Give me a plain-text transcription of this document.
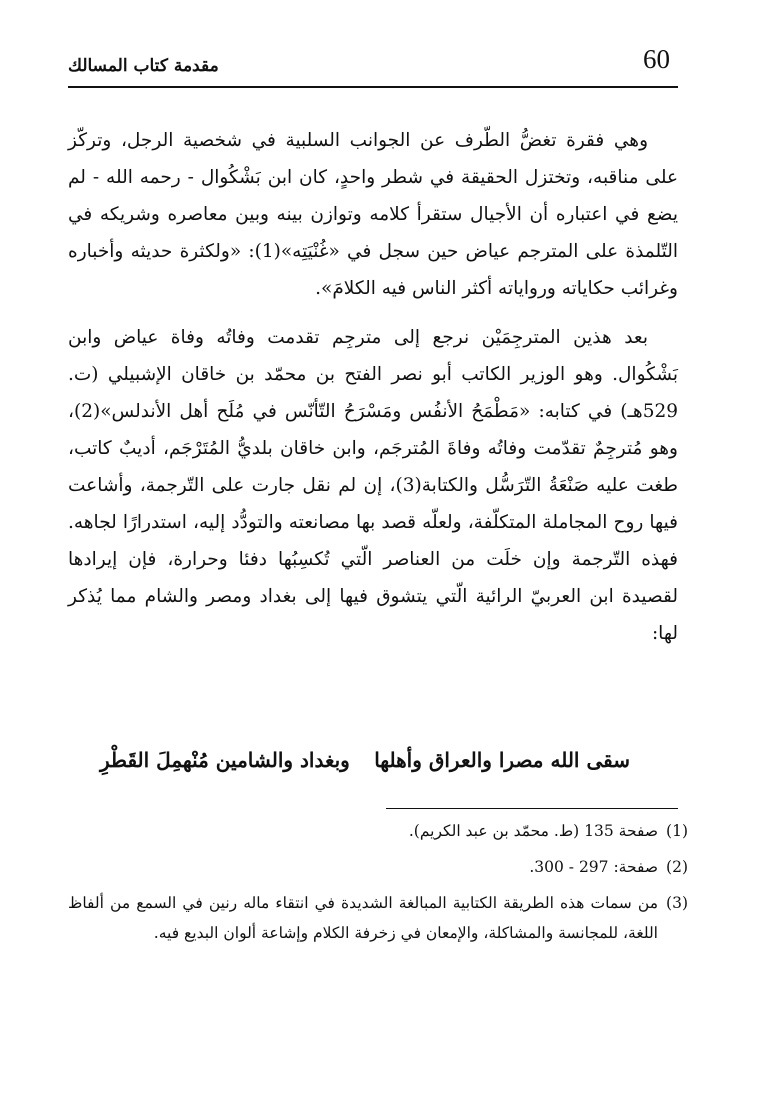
مقدمة كتاب المسالك	60

وهي فقرة تغضُّ الطّرف عن الجوانب السلبية في شخصية الرجل، وتركّز على مناقبه، وتختزل الحقيقة في شطر واحدٍ، كان ابن بَشْكُوال - رحمه الله - لم يضع في اعتباره أن الأجيال ستقرأ كلامه وتوازن بينه وبين معاصره وشريكه في التّلمذة على المترجم عياض حين سجل في «غُنْيَتِه»(1): «ولكثرة حديثه وأخباره وغرائب حكاياته ورواياته أكثر الناس فيه الكلامَ».

بعد هذين المترجِمَيْن نرجع إلى مترجِم تقدمت وفاتُه وفاة عياض وابن بَشْكُوال. وهو الوزير الكاتب أبو نصر الفتح بن محمّد بن خاقان الإشبيلي (ت. 529هـ) في كتابه: «مَطْمَحُ الأنفُس ومَسْرَحُ التّأنّس في مُلَح أهل الأندلس»(2)، وهو مُترجِمٌ تقدّمت وفاتُه وفاةَ المُترجَم، وابن خاقان بلديُّ المُتَرْجَم، أديبٌ كاتب، طغت عليه صَنْعَةُ التّرَسُّل والكتابة(3)، إن لم نقل جارت على التّرجمة، وأشاعت فيها روح المجاملة المتكلّفة، ولعلّه قصد بها مصانعته والتودُّد إليه، استدرارًا لجاهه. فهذه التّرجمة وإن خلَت من العناصر الّتي تُكسِبُها دفئا وحرارة، فإن إيرادها لقصيدة ابن العربيّ الرائية الّتي يتشوق فيها إلى بغداد ومصر والشام مما يُذكر لها:

سقى الله مصرا والعراق وأهلها
وبغداد والشامين مُنْهمِلَ القَطْرِ
(1)
صفحة 135 (ط. محمّد بن عبد الكريم).
(2)
صفحة: 297 - 300.
(3)
من سمات هذه الطريقة الكتابية المبالغة الشديدة في انتقاء ماله رنين في السمع من ألفاظ اللغة، للمجانسة والمشاكلة، والإمعان في زخرفة الكلام وإشاعة ألوان البديع فيه.
